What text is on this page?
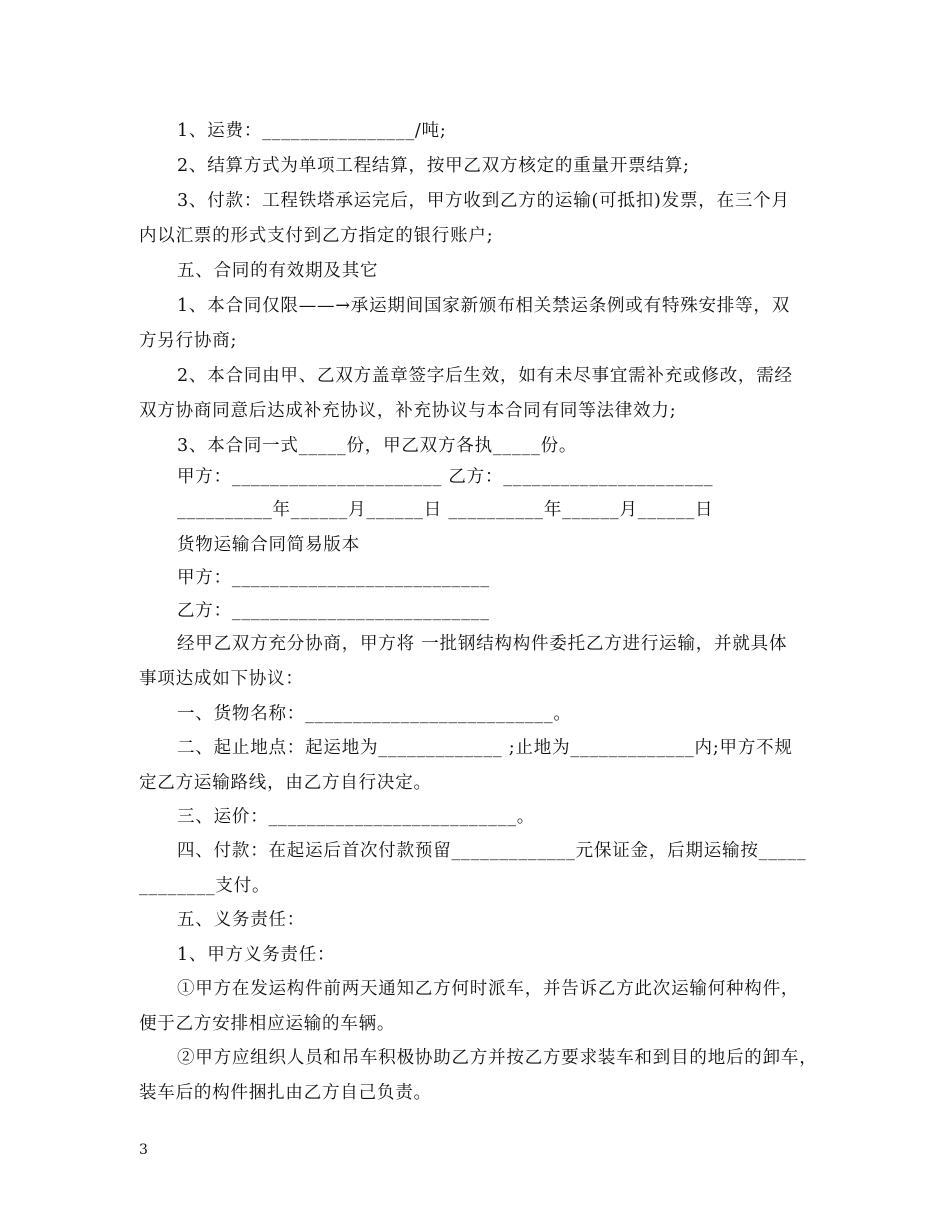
1、运费：________________/吨;
2、结算方式为单项工程结算，按甲乙双方核定的重量开票结算;
3、付款：工程铁塔承运完后，甲方收到乙方的运输(可抵扣)发票，在三个月
内以汇票的形式支付到乙方指定的银行账户;
五、合同的有效期及其它
1、本合同仅限——→承运期间国家新颁布相关禁运条例或有特殊安排等，双
方另行协商;
2、本合同由甲、乙双方盖章签字后生效，如有未尽事宜需补充或修改，需经
双方协商同意后达成补充协议，补充协议与本合同有同等法律效力;
3、本合同一式_____份，甲乙双方各执_____份。
甲方：______________________ 乙方：______________________
__________年______月______日 __________年______月______日
货物运输合同简易版本
甲方：___________________________
乙方：___________________________
经甲乙双方充分协商，甲方将 一批钢结构构件委托乙方进行运输，并就具体
事项达成如下协议：
一、货物名称：__________________________。
二、起止地点：起运地为_____________ ;止地为_____________内;甲方不规
定乙方运输路线，由乙方自行决定。
三、运价：__________________________。
四、付款：在起运后首次付款预留_____________元保证金，后期运输按_____
________支付。
五、义务责任：
1、甲方义务责任：
①甲方在发运构件前两天通知乙方何时派车，并告诉乙方此次运输何种构件，
便于乙方安排相应运输的车辆。
②甲方应组织人员和吊车积极协助乙方并按乙方要求装车和到目的地后的卸车，
装车后的构件捆扎由乙方自己负责。
3
